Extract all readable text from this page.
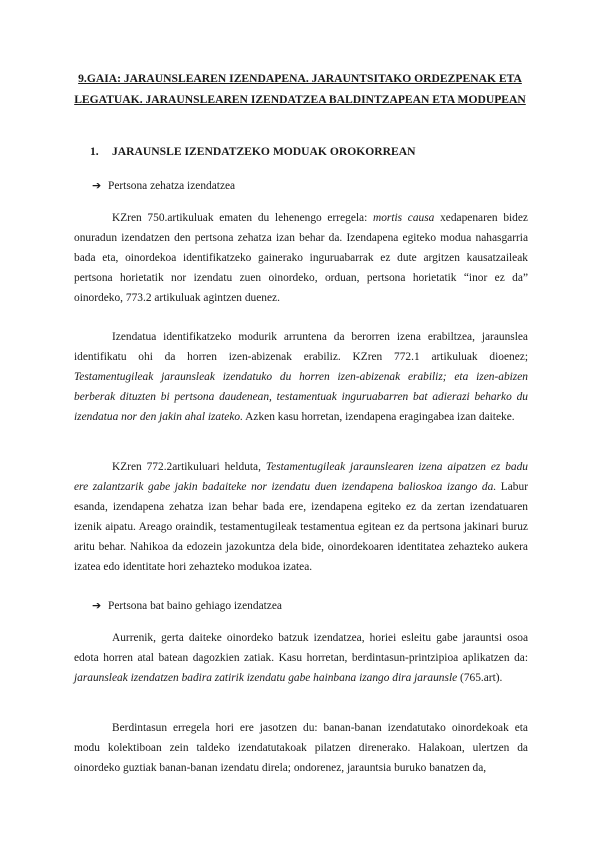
9.GAIA: JARAUNSLEAREN IZENDAPENA. JARAUNTSITAKO ORDEZPENAK ETA LEGATUAK. JARAUNSLEAREN IZENDATZEA BALDINTZAPEAN ETA MODUPEAN
1. JARAUNSLE IZENDATZEKO MODUAK OROKORREAN
➔ Pertsona zehatza izendatzea

KZren 750.artikuluak ematen du lehenengo erregela: mortis causa xedapenaren bidez onuradun izendatzen den pertsona zehatza izan behar da. Izendapena egiteko modua nahasgarria bada eta, oinordekoa identifikatzeko gainerako inguruabarrak ez dute argitzen kausatzaileak pertsona horietatik nor izendatu zuen oinordeko, orduan, pertsona horietatik “inor ez da” oinordeko, 773.2 artikuluak agintzen duenez.

Izendatua identifikatzeko modurik arruntena da berorren izena erabiltzea, jaraunslea identifikatu ohi da horren izen-abizenak erabiliz. KZren 772.1 artikuluak dioenez; Testamentugileak jaraunsleak izendatuko du horren izen-abizenak erabiliz; eta izen-abizen berberak dituzten bi pertsona daudenean, testamentuak inguruabarren bat adierazi beharko du izendatua nor den jakin ahal izateko. Azken kasu horretan, izendapena eragingabea izan daiteke.

KZren 772.2artikuluari helduta, Testamentugileak jaraunslearen izena aipatzen ez badu ere zalantzarik gabe jakin badaiteke nor izendatu duen izendapena balioskoa izango da. Labur esanda, izendapena zehatza izan behar bada ere, izendapena egiteko ez da zertan izendatuaren izenik aipatu. Areago oraindik, testamentugileak testamentua egitean ez da pertsona jakinari buruz aritu behar. Nahikoa da edozein jazokuntza dela bide, oinordekoaren identitatea zehazteko aukera izatea edo identitate hori zehazteko modukoa izatea.

➔ Pertsona bat baino gehiago izendatzea

Aurrenik, gerta daiteke oinordeko batzuk izendatzea, horiei esleitu gabe jarauntsi osoa edota horren atal batean dagozkien zatiak. Kasu horretan, berdintasun-printzipioa aplikatzen da: jaraunsleak izendatzen badira zatirik izendatu gabe hainbana izango dira jaraunsle (765.art).

Berdintasun erregela hori ere jasotzen du: banan-banan izendatutako oinordekoak eta modu kolektiboan zein taldeko izendatutakoak pilatzen direnerako. Halakoan, ulertzen da oinordeko guztiak banan-banan izendatu direla; ondorenez, jarauntsia buruko banatzen da,
